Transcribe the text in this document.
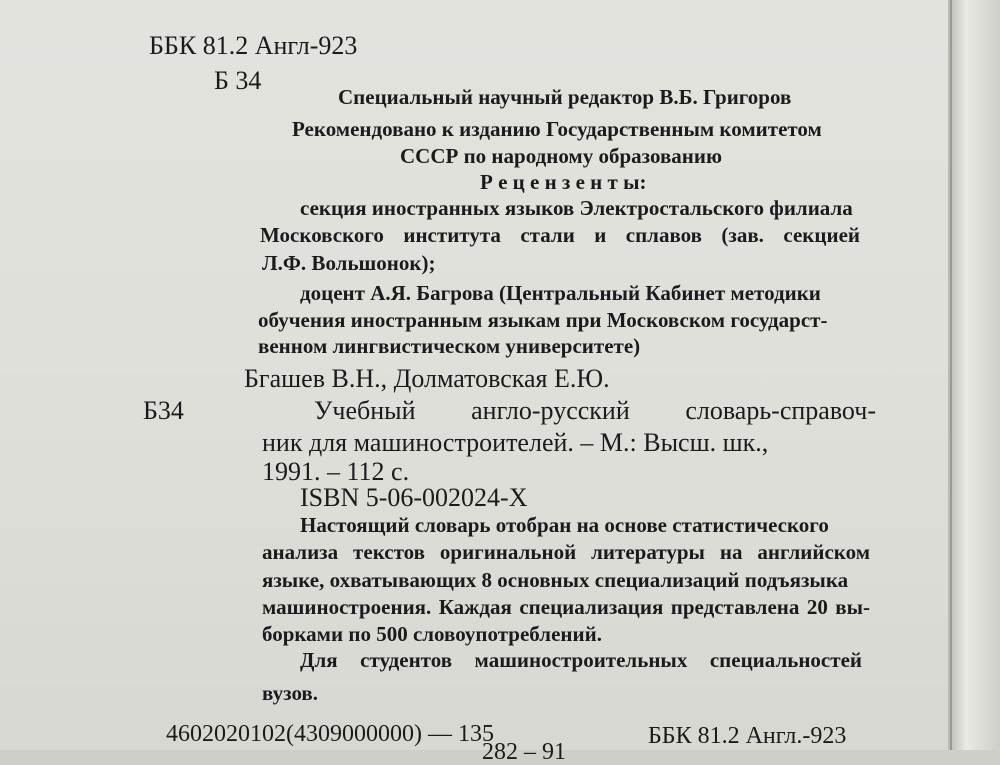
ББК 81.2 Англ-923
Б 34
Специальный научный редактор В.Б. Григоров
Рекомендовано к изданию Государственным комитетом
СССР по народному образованию
Р е ц е н з е н т ы:
секция иностранных языков Электростальского филиала
Московского института стали и сплавов (зав. секцией
Л.Ф. Вольшонок);
доцент А.Я. Багрова (Центральный Кабинет методики
обучения иностранным языкам при Московском государст-
венном лингвистическом университете)
Бгашев В.Н., Долматовская Е.Ю.
Б34	Учебный англо-русский словарь-справоч-
ник для машиностроителей. – М.: Высш. шк.,
1991. – 112 с.
ISBN 5-06-002024-X
Настоящий словарь отобран на основе статистического
анализа текстов оригинальной литературы на английском
языке, охватывающих 8 основных специализаций подъязыка
машиностроения. Каждая специализация представлена 20 вы-
борками по 500 словоупотреблений.
Для студентов машиностроительных специальностей
вузов.
4602020102(4309000000) — 135
282 – 91
ББК 81.2 Англ.-923
